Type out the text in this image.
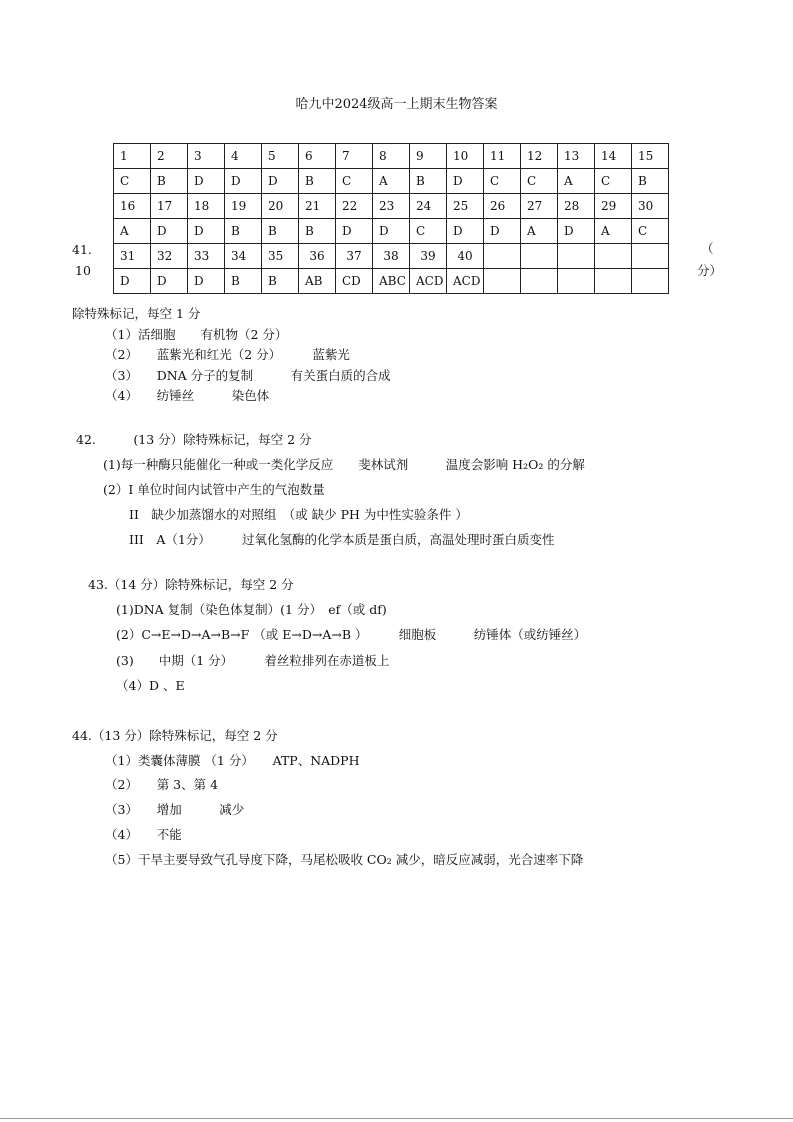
哈九中2024级高一上期末生物答案
1	2	3	4	5	6	7	8	9	10	11	12	13	14	15
C	B	D	D	D	B	C	A	B	D	C	C	A	C	B
16	17	18	19	20	21	22	23	24	25	26	27	28	29	30
A	D	D	B	B	B	D	D	C	D	D	A	D	A	C
31	32	33	34	35	36	37	38	39	40					
D	D	D	B	B	AB	CD	ABC	ACD	ACD					
41.
10
（
分）
除特殊标记，每空 1 分
（1）活细胞　　有机物（2 分）
（2）　　蓝紫光和红光（2 分）　　　蓝紫光
（3）　　DNA 分子的复制　　　有关蛋白质的合成
（4）　　纺锤丝　　　染色体
42.　　　(13 分）除特殊标记，每空 2 分
(1)每一种酶只能催化一种或一类化学反应　　斐林试剂　　　温度会影响 H₂O₂ 的分解
(2）I 单位时间内试管中产生的气泡数量
II　缺少加蒸馏水的对照组　（或 缺少 PH 为中性实验条件 ）
III　A（1分）　　　过氧化氢酶的化学本质是蛋白质，高温处理时蛋白质变性
43.（14 分）除特殊标记，每空 2 分
(1)DNA 复制（染色体复制）(1 分）　ef（或 df)
(2）C→E→D→A→B→F （或 E→D→A→B ）　　　细胞板　　　纺锤体（或纺锤丝）
(3)　　中期（1 分）　　　着丝粒排列在赤道板上
（4）D 、E
44.（13 分）除特殊标记，每空 2 分
（1）类囊体薄膜 （1 分）　　ATP、NADPH
（2）　　第 3、第 4
（3）　　增加　　　减少
（4）　　不能
（5）干旱主要导致气孔导度下降，马尾松吸收 CO₂ 减少，暗反应减弱，光合速率下降
